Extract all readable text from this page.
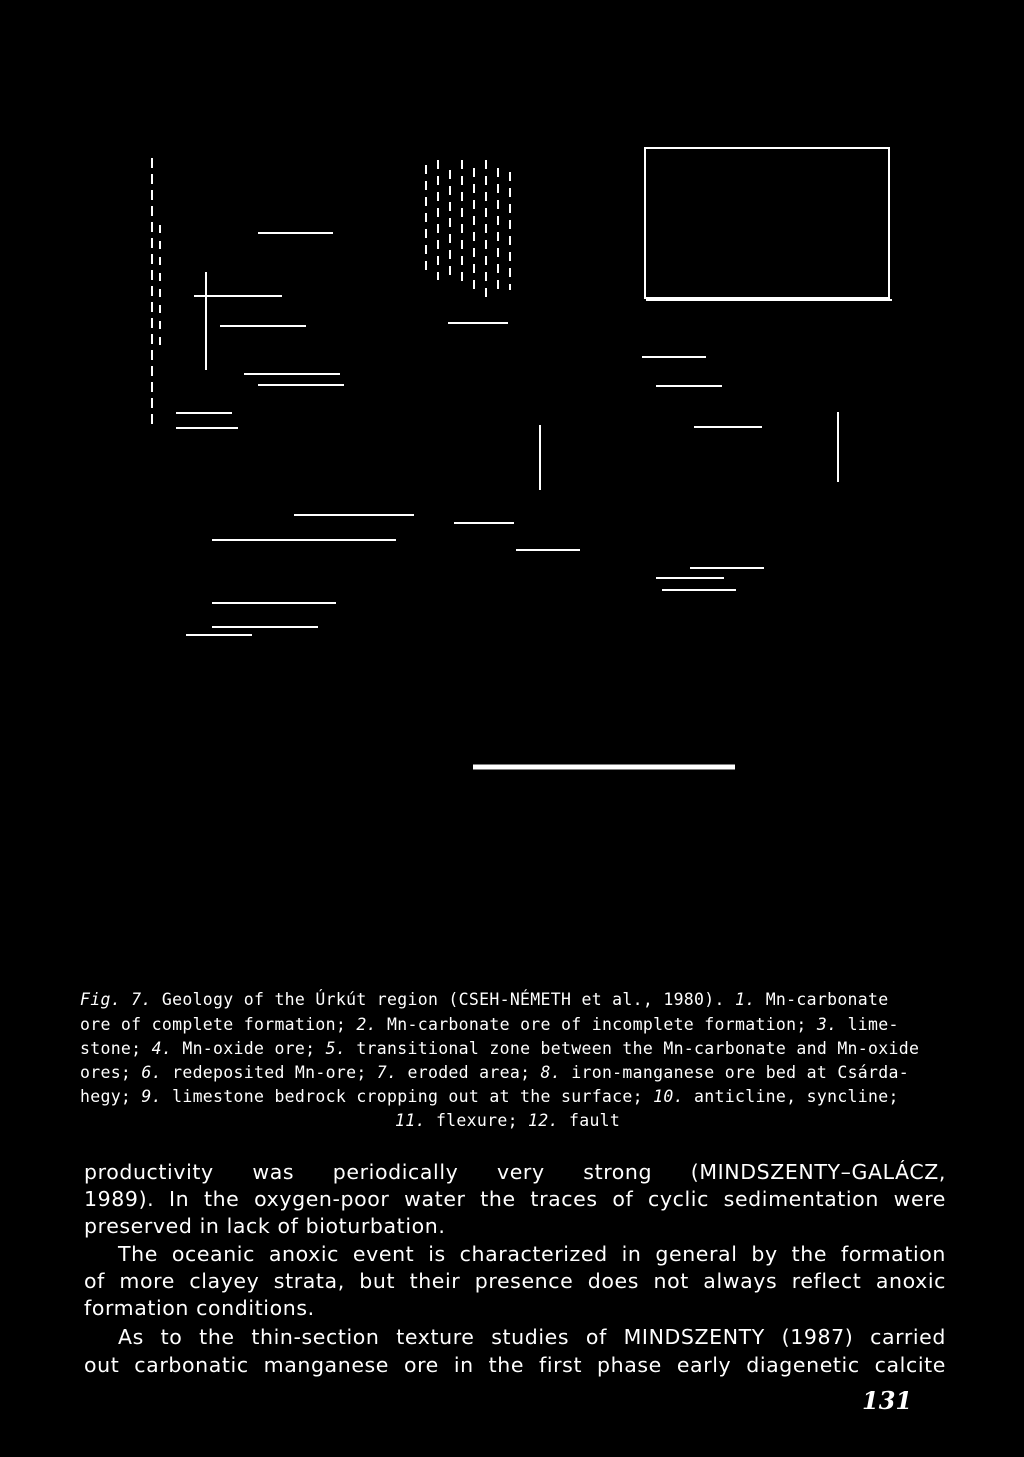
Fig. 7. Geology of the Úrkút region (CSEH-NÉMETH et al., 1980). 1. Mn-carbonate
ore of complete formation; 2. Mn-carbonate ore of incomplete formation; 3. lime-
stone; 4. Mn-oxide ore; 5. transitional zone between the Mn-carbonate and Mn-oxide
ores; 6. redeposited Mn-ore; 7. eroded area; 8. iron-manganese ore bed at Csárda-
hegy; 9. limestone bedrock cropping out at the surface; 10. anticline, syncline;
11. flexure; 12. fault
productivity was periodically very strong (MINDSZENTY–GALÁCZ,
1989). In the oxygen-poor water the traces of cyclic sedimentation were
preserved in lack of bioturbation.
The oceanic anoxic event is characterized in general by the formation
of more clayey strata, but their presence does not always reflect anoxic
formation conditions.
As to the thin-section texture studies of MINDSZENTY (1987) carried
out carbonatic manganese ore in the first phase early diagenetic calcite
131
